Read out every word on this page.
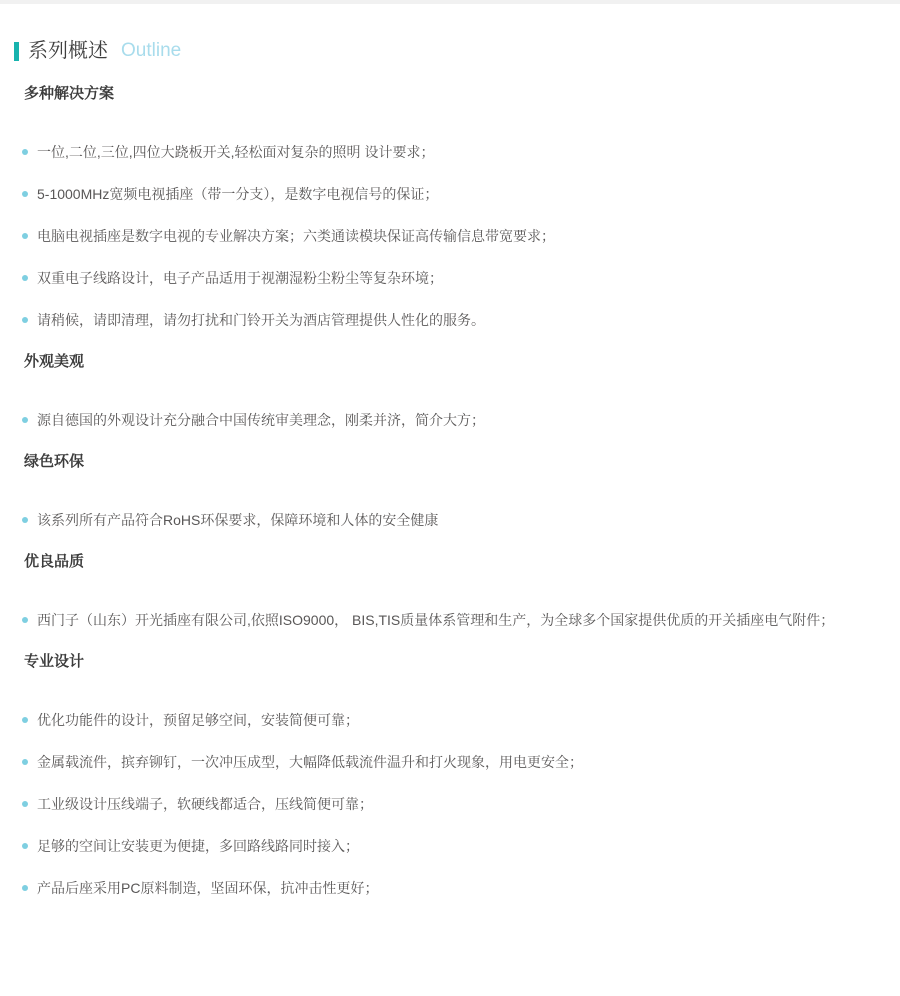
系列概述 Outline
多种解决方案
一位,二位,三位,四位大跷板开关,轻松面对复杂的照明 设计要求；
5-1000MHz宽频电视插座（带一分支），是数字电视信号的保证；
电脑电视插座是数字电视的专业解决方案；六类通读模块保证高传输信息带宽要求；
双重电子线路设计，电子产品适用于视潮湿粉尘粉尘等复杂环境；
请稍候，请即清理，请勿打扰和门铃开关为酒店管理提供人性化的服务。
外观美观
源自德国的外观设计充分融合中国传统审美理念，刚柔并济，简介大方；
绿色环保
该系列所有产品符合RoHS环保要求，保障环境和人体的安全健康
优良品质
西门子（山东）开光插座有限公司,依照ISO9000， BIS,TIS质量体系管理和生产，为全球多个国家提供优质的开关插座电气附件；
专业设计
优化功能件的设计，预留足够空间，安装简便可靠；
金属载流件，摈弃铆钉，一次冲压成型，大幅降低载流件温升和打火现象，用电更安全；
工业级设计压线端子，软硬线都适合，压线简便可靠；
足够的空间让安装更为便捷，多回路线路同时接入；
产品后座采用PC原料制造，坚固环保，抗冲击性更好；
